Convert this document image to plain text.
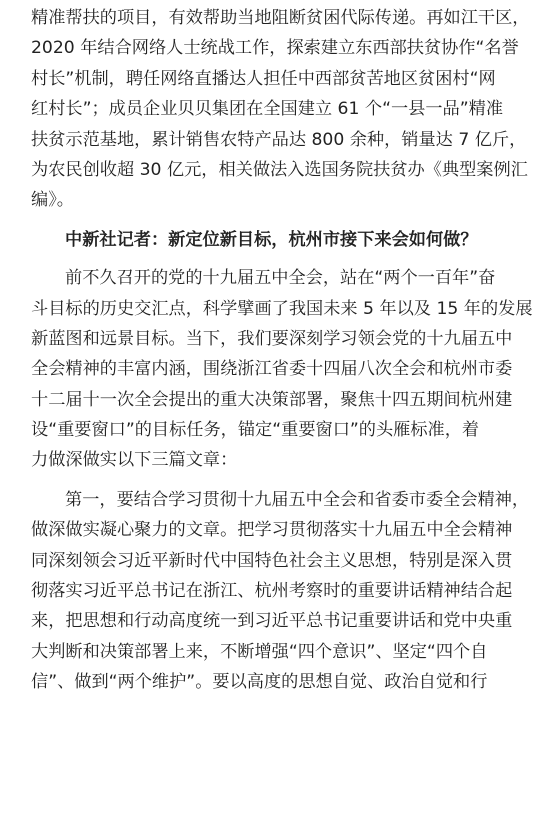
精准帮扶的项目，有效帮助当地阻断贫困代际传递。再如江干区，

2020 年结合网络人士统战工作，探索建立东西部扶贫协作“名誉

村长”机制，聘任网络直播达人担任中西部贫苦地区贫困村“网

红村长”；成员企业贝贝集团在全国建立 61 个“一县一品”精准

扶贫示范基地，累计销售农特产品达 800 余种，销量达 7 亿斤，

为农民创收超 30 亿元，相关做法入选国务院扶贫办《典型案例汇

编》。

中新社记者：新定位新目标，杭州市接下来会如何做？

前不久召开的党的十九届五中全会，站在“两个一百年”奋

斗目标的历史交汇点，科学擘画了我国未来 5 年以及 15 年的发展

新蓝图和远景目标。当下，我们要深刻学习领会党的十九届五中

全会精神的丰富内涵，围绕浙江省委十四届八次全会和杭州市委

十二届十一次全会提出的重大决策部署，聚焦十四五期间杭州建

设“重要窗口”的目标任务，锚定“重要窗口”的头雁标准，着

力做深做实以下三篇文章：

第一，要结合学习贯彻十九届五中全会和省委市委全会精神，

做深做实凝心聚力的文章。把学习贯彻落实十九届五中全会精神

同深刻领会习近平新时代中国特色社会主义思想，特别是深入贯

彻落实习近平总书记在浙江、杭州考察时的重要讲话精神结合起

来，把思想和行动高度统一到习近平总书记重要讲话和党中央重

大判断和决策部署上来，不断增强“四个意识”、坚定“四个自

信”、做到“两个维护”。要以高度的思想自觉、政治自觉和行
